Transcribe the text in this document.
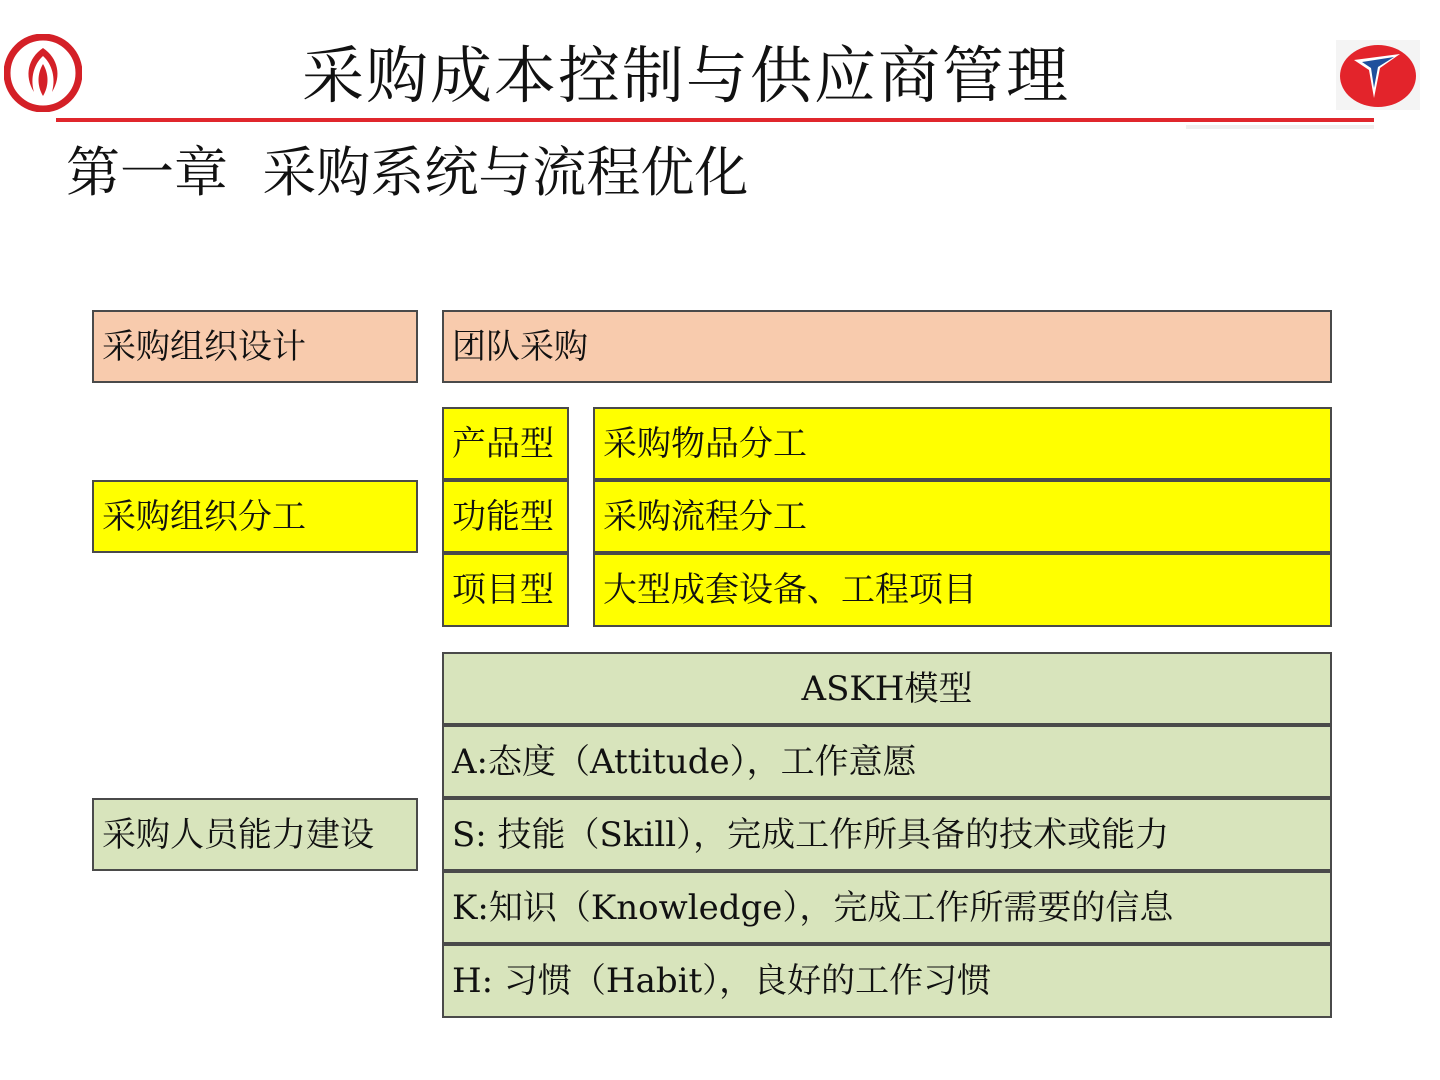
采购成本控制与供应商管理
第一章  采购系统与流程优化
采购组织设计	团队采购
采购组织分工
产品型	采购物品分工
功能型	采购流程分工
项目型	大型成套设备、工程项目
采购人员能力建设
ASKH模型
A:态度（Attitude），工作意愿
S: 技能（Skill），完成工作所具备的技术或能力
K:知识（Knowledge），完成工作所需要的信息
H: 习惯（Habit），良好的工作习惯
